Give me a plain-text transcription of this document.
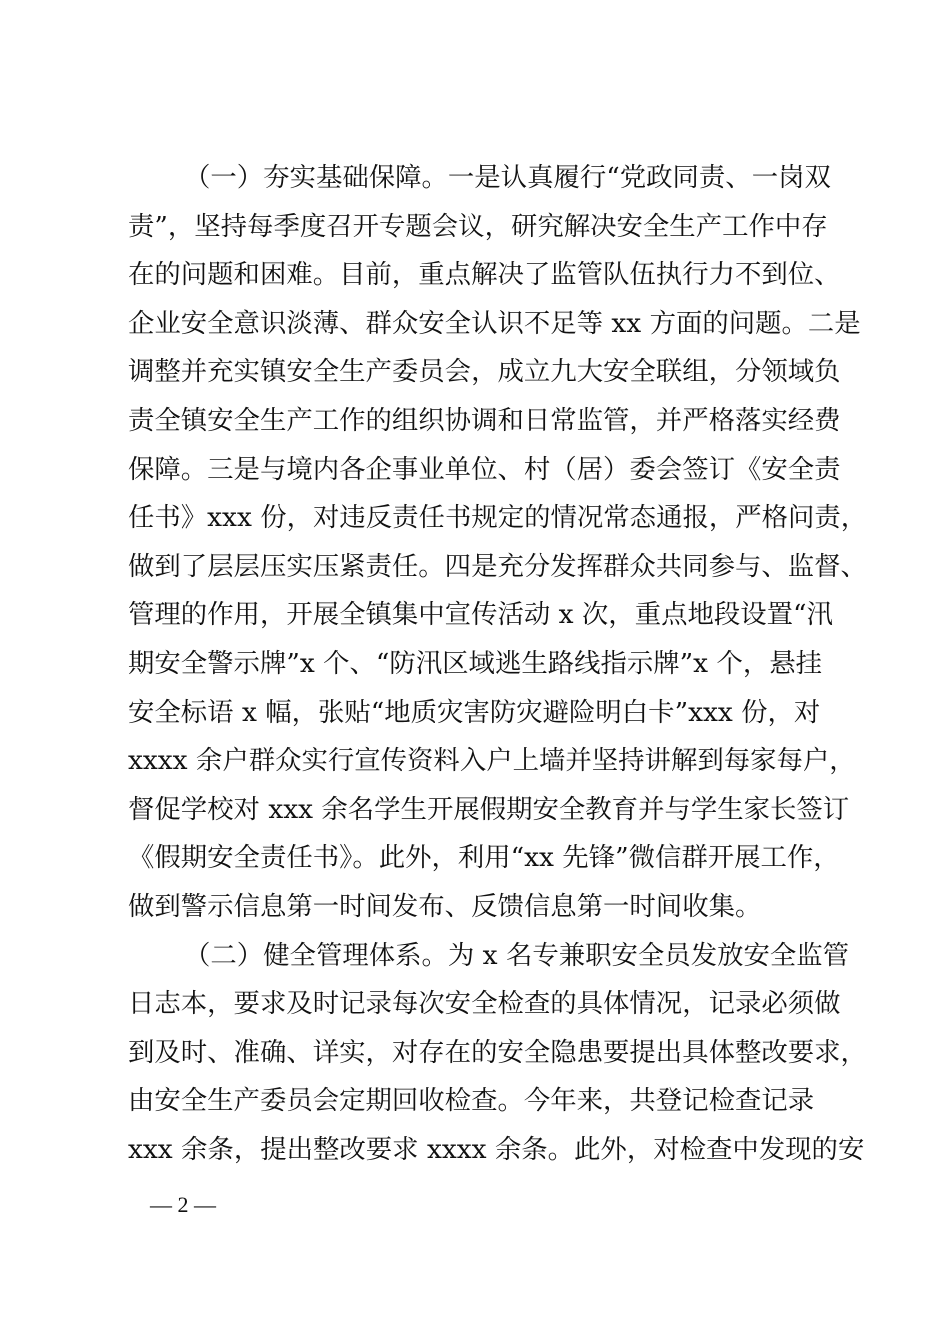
（一）夯实基础保障。一是认真履行“党政同责、一岗双
责”，坚持每季度召开专题会议，研究解决安全生产工作中存
在的问题和困难。目前，重点解决了监管队伍执行力不到位、
企业安全意识淡薄、群众安全认识不足等 xx 方面的问题。二是
调整并充实镇安全生产委员会，成立九大安全联组，分领域负
责全镇安全生产工作的组织协调和日常监管，并严格落实经费
保障。三是与境内各企事业单位、村（居）委会签订《安全责
任书》xxx 份，对违反责任书规定的情况常态通报，严格问责，
做到了层层压实压紧责任。四是充分发挥群众共同参与、监督、
管理的作用，开展全镇集中宣传活动 x 次，重点地段设置“汛
期安全警示牌”x 个、“防汛区域逃生路线指示牌”x 个，悬挂
安全标语 x 幅，张贴“地质灾害防灾避险明白卡”xxx 份，对
xxxx 余户群众实行宣传资料入户上墙并坚持讲解到每家每户，
督促学校对 xxx 余名学生开展假期安全教育并与学生家长签订
《假期安全责任书》。此外，利用“xx 先锋”微信群开展工作，
做到警示信息第一时间发布、反馈信息第一时间收集。
（二）健全管理体系。为 x 名专兼职安全员发放安全监管
日志本，要求及时记录每次安全检查的具体情况，记录必须做
到及时、准确、详实，对存在的安全隐患要提出具体整改要求，
由安全生产委员会定期回收检查。今年来，共登记检查记录
xxx 余条，提出整改要求 xxxx 余条。此外，对检查中发现的安
— 2 —
